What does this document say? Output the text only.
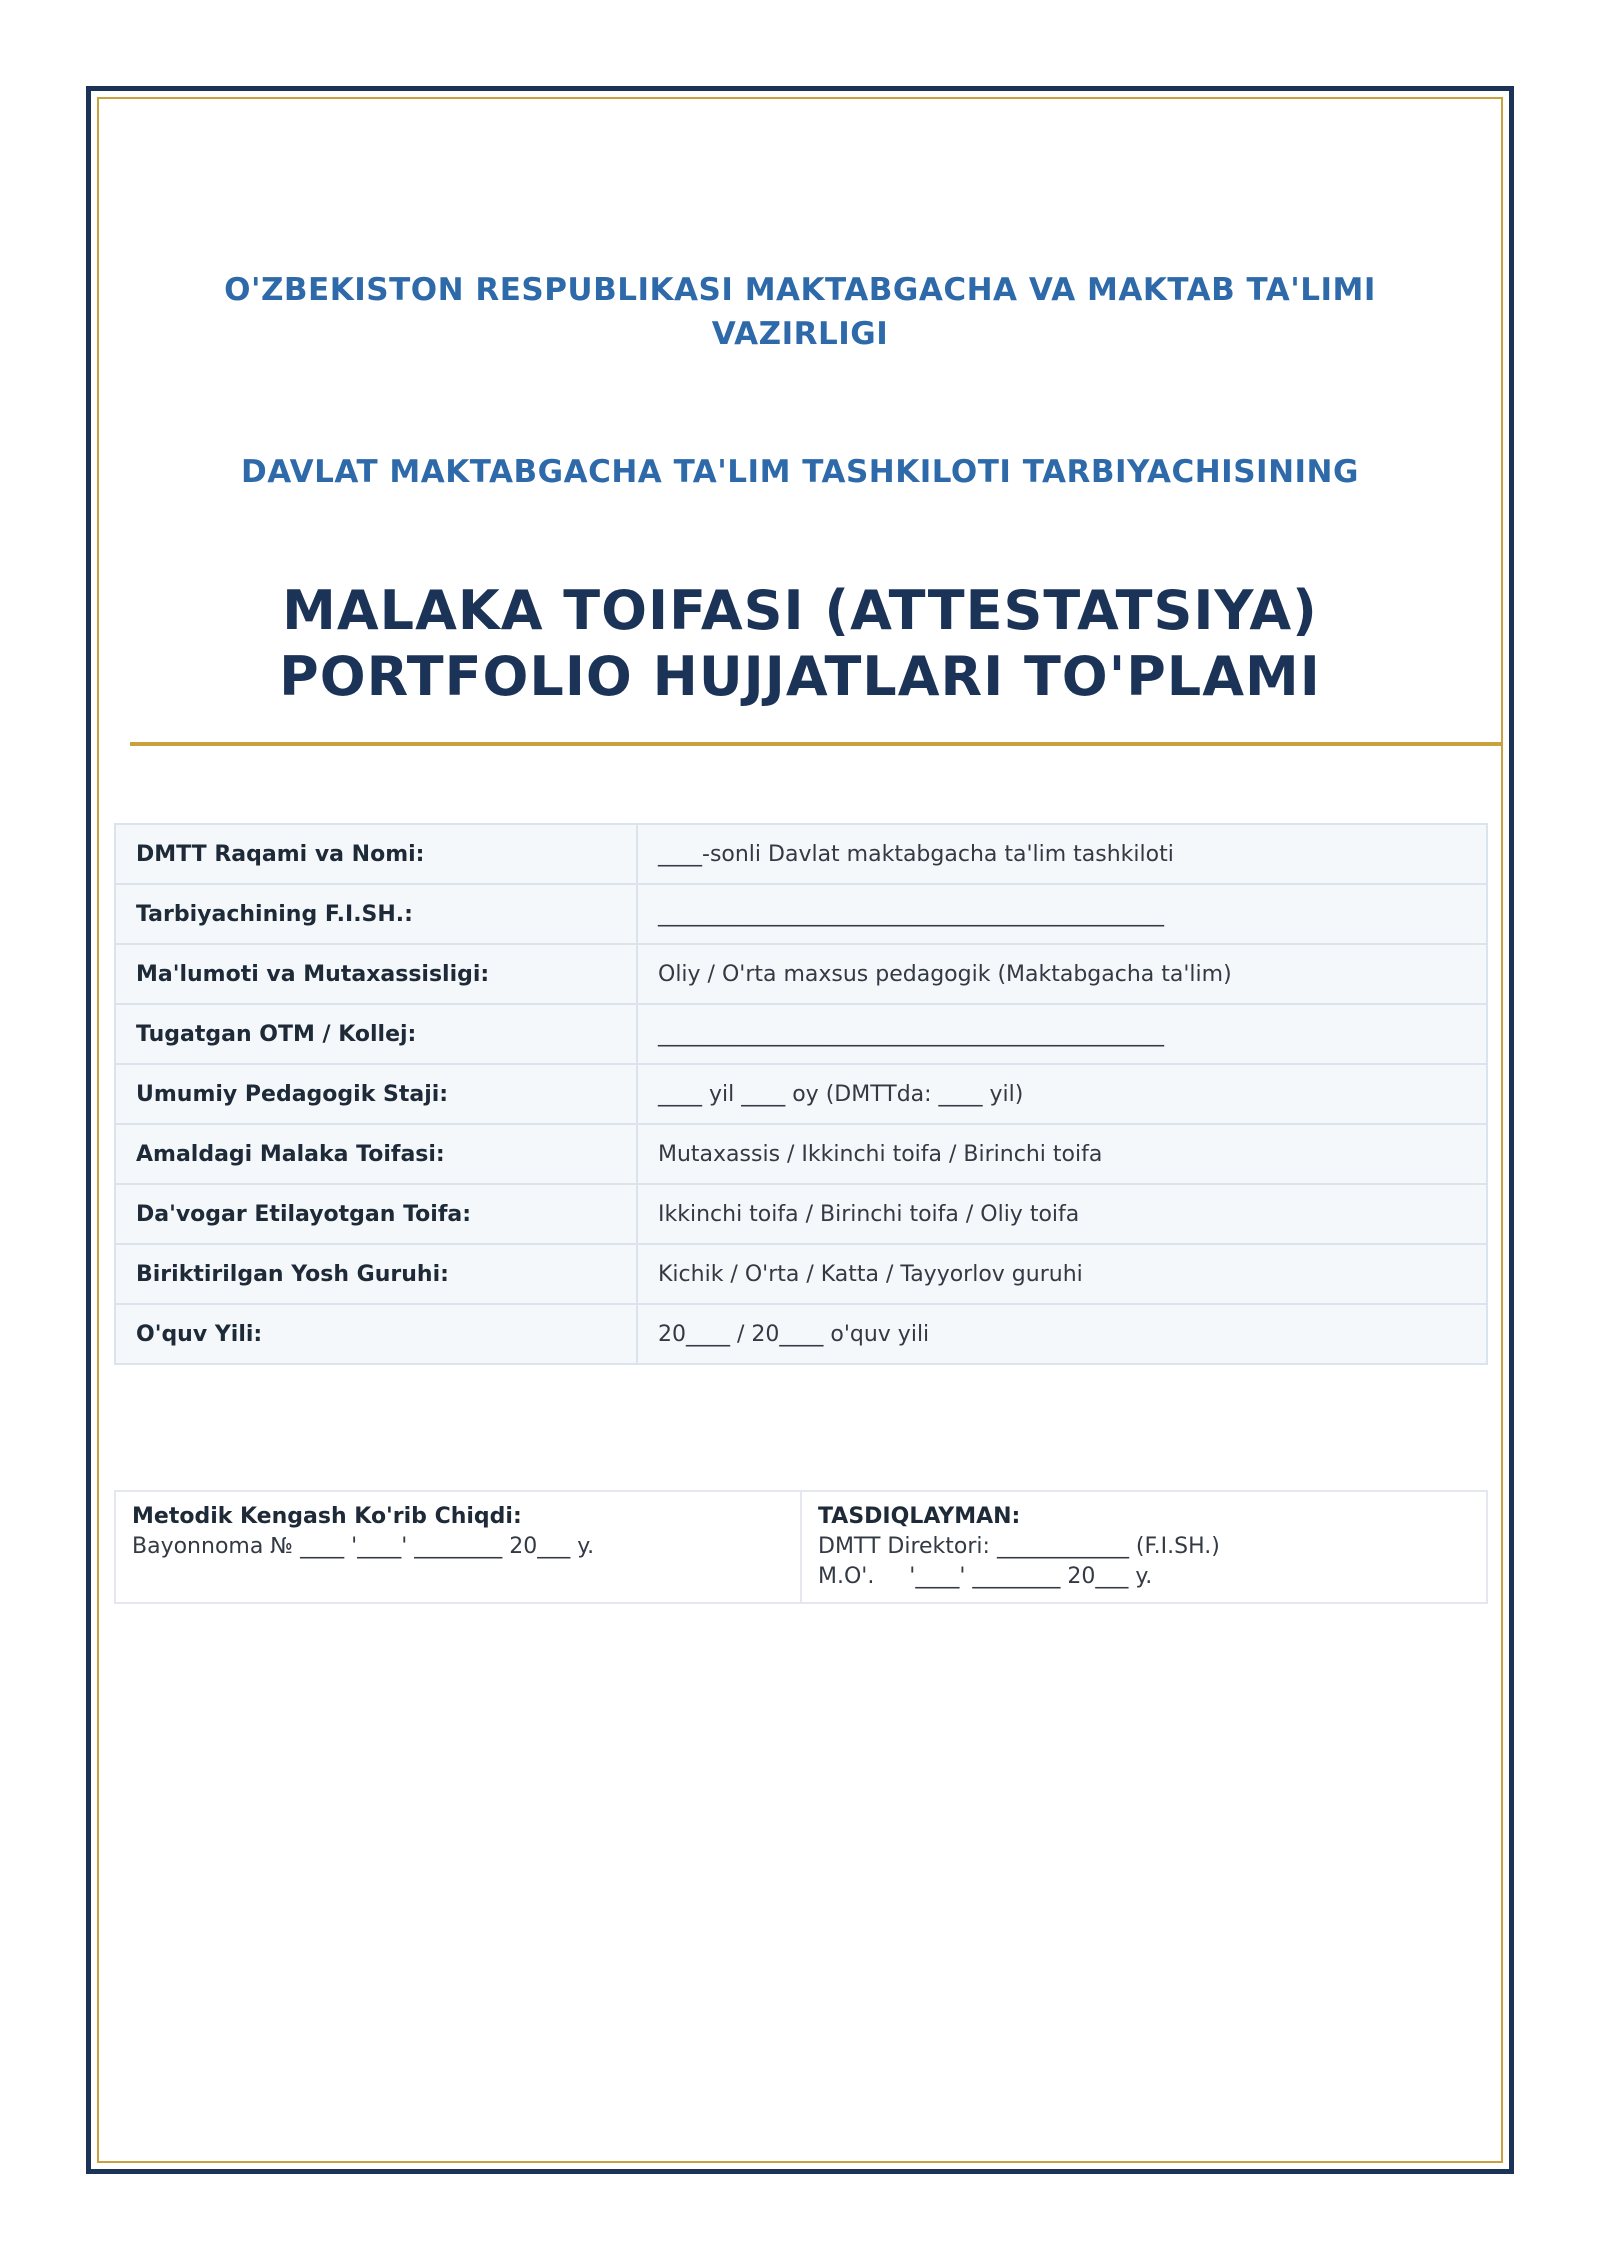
O'ZBEKISTON RESPUBLIKASI MAKTABGACHA VA MAKTAB TA'LIMI
VAZIRLIGI
DAVLAT MAKTABGACHA TA'LIM TASHKILOTI TARBIYACHISINING
MALAKA TOIFASI (ATTESTATSIYA)
PORTFOLIO HUJJATLARI TO'PLAMI
DMTT Raqami va Nomi:	____-sonli Davlat maktabgacha ta'lim tashkiloti
Tarbiyachining F.I.SH.:	______________________________________________
Ma'lumoti va Mutaxassisligi:	Oliy / O'rta maxsus pedagogik (Maktabgacha ta'lim)
Tugatgan OTM / Kollej:	______________________________________________
Umumiy Pedagogik Staji:	____ yil ____ oy (DMTTda: ____ yil)
Amaldagi Malaka Toifasi:	Mutaxassis / Ikkinchi toifa / Birinchi toifa
Da'vogar Etilayotgan Toifa:	Ikkinchi toifa / Birinchi toifa / Oliy toifa
Biriktirilgan Yosh Guruhi:	Kichik / O'rta / Katta / Tayyorlov guruhi
O'quv Yili:	20____ / 20____ o'quv yili
Metodik Kengash Ko'rib Chiqdi:
Bayonnoma № ____ '____' ________ 20___ y.

TASDIQLAYMAN:
DMTT Direktori: ____________ (F.I.SH.)
M.O'.     '____' ________ 20___ y.
